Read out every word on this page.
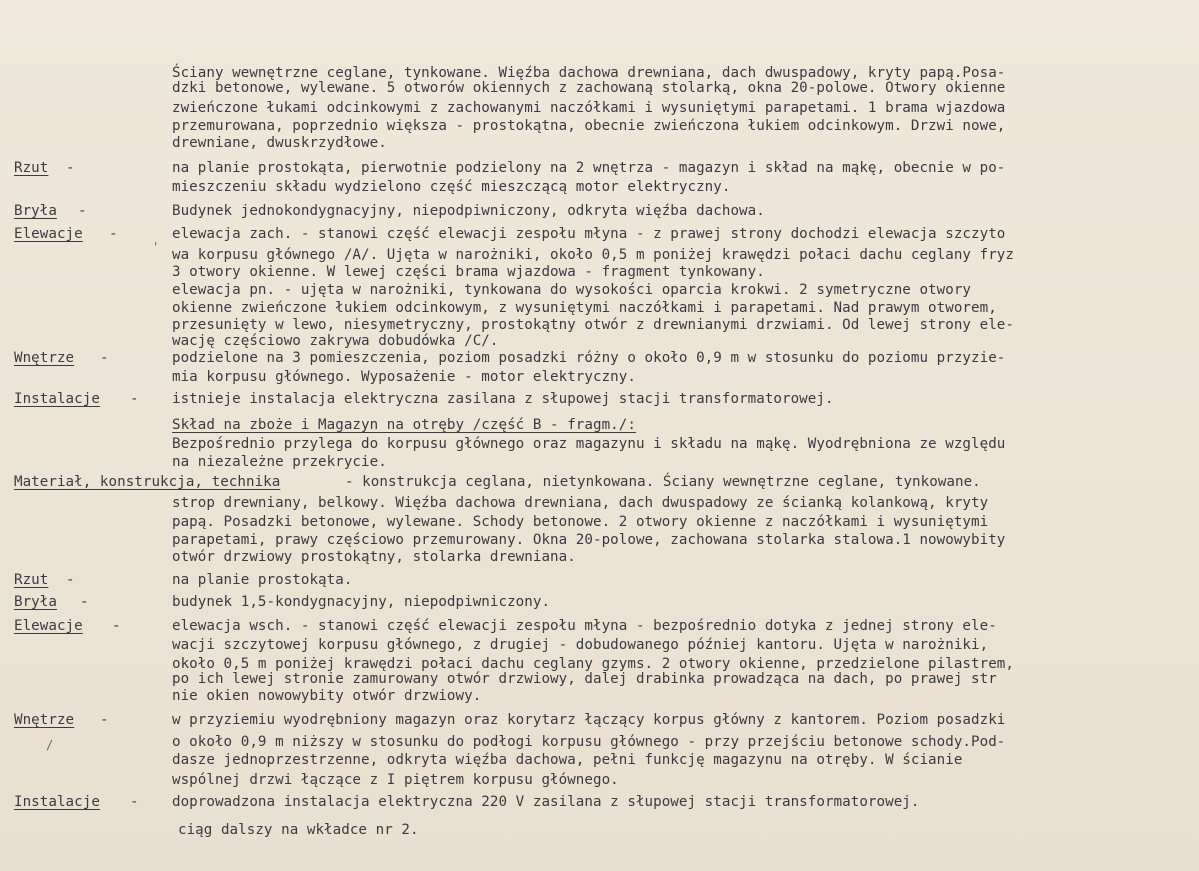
Ściany wewnętrzne ceglane, tynkowane. Więźba dachowa drewniana, dach dwuspadowy, kryty papą.Posa-
dzki betonowe, wylewane. 5 otworów okiennych z zachowaną stolarką, okna 20-polowe. Otwory okienne
zwieńczone łukami odcinkowymi z zachowanymi naczółkami i wysuniętymi parapetami. 1 brama wjazdowa
przemurowana, poprzednio większa - prostokątna, obecnie zwieńczona łukiem odcinkowym. Drzwi nowe,
drewniane, dwuskrzydłowe.
Rzut -	na planie prostokąta, pierwotnie podzielony na 2 wnętrza - magazyn i skład na mąkę, obecnie w po-
mieszczeniu składu wydzielono część mieszczącą motor elektryczny.
Bryła -	Budynek jednokondygnacyjny, niepodpiwniczony, odkryta więźba dachowa.
Elewacje -	elewacja zach. - stanowi część elewacji zespołu młyna - z prawej strony dochodzi elewacja szczyto
wa korpusu głównego /A/. Ujęta w narożniki, około 0,5 m poniżej krawędzi połaci dachu ceglany fryz
3 otwory okienne. W lewej części brama wjazdowa - fragment tynkowany.
elewacja pn. - ujęta w narożniki, tynkowana do wysokości oparcia krokwi. 2 symetryczne otwory
okienne zwieńczone łukiem odcinkowym, z wysuniętymi naczółkami i parapetami. Nad prawym otworem,
przesunięty w lewo, niesymetryczny, prostokątny otwór z drewnianymi drzwiami. Od lewej strony ele-
wację częściowo zakrywa dobudówka /C/.
Wnętrze -	podzielone na 3 pomieszczenia, poziom posadzki różny o około 0,9 m w stosunku do poziomu przyzie-
mia korpusu głównego. Wyposażenie - motor elektryczny.
Instalacje - istnieje instalacja elektryczna zasilana z słupowej stacji transformatorowej.
Skład na zboże i Magazyn na otręby /część B - fragm./:
Bezpośrednio przylega do korpusu głównego oraz magazynu i składu na mąkę. Wyodrębniona ze względu
na niezależne przekrycie.
Materiał, konstrukcja, technika	- konstrukcja ceglana, nietynkowana. Ściany wewnętrzne ceglane, tynkowane.
strop drewniany, belkowy. Więźba dachowa drewniana, dach dwuspadowy ze ścianką kolankową, kryty
papą. Posadzki betonowe, wylewane. Schody betonowe. 2 otwory okienne z naczółkami i wysuniętymi
parapetami, prawy częściowo przemurowany. Okna 20-polowe, zachowana stolarka stalowa.1 nowowybity
otwór drzwiowy prostokątny, stolarka drewniana.
Rzut -	na planie prostokąta.
Bryła -	budynek 1,5-kondygnacyjny, niepodpiwniczony.
Elewacje -	elewacja wsch. - stanowi część elewacji zespołu młyna - bezpośrednio dotyka z jednej strony ele-
wacji szczytowej korpusu głównego, z drugiej - dobudowanego później kantoru. Ujęta w narożniki,
około 0,5 m poniżej krawędzi połaci dachu ceglany gzyms. 2 otwory okienne, przedzielone pilastrem,
po ich lewej stronie zamurowany otwór drzwiowy, dalej drabinka prowadząca na dach, po prawej str
nie okien nowowybity otwór drzwiowy.
Wnętrze -	w przyziemiu wyodrębniony magazyn oraz korytarz łączący korpus główny z kantorem. Poziom posadzki
o około 0,9 m niższy w stosunku do podłogi korpusu głównego - przy przejściu betonowe schody.Pod-
dasze jednoprzestrzenne, odkryta więźba dachowa, pełni funkcję magazynu na otręby. W ścianie
wspólnej drzwi łączące z I piętrem korpusu głównego.
Instalacje - doprowadzona instalacja elektryczna 220 V zasilana z słupowej stacji transformatorowej.
ciąg dalszy na wkładce nr 2.
'
/
